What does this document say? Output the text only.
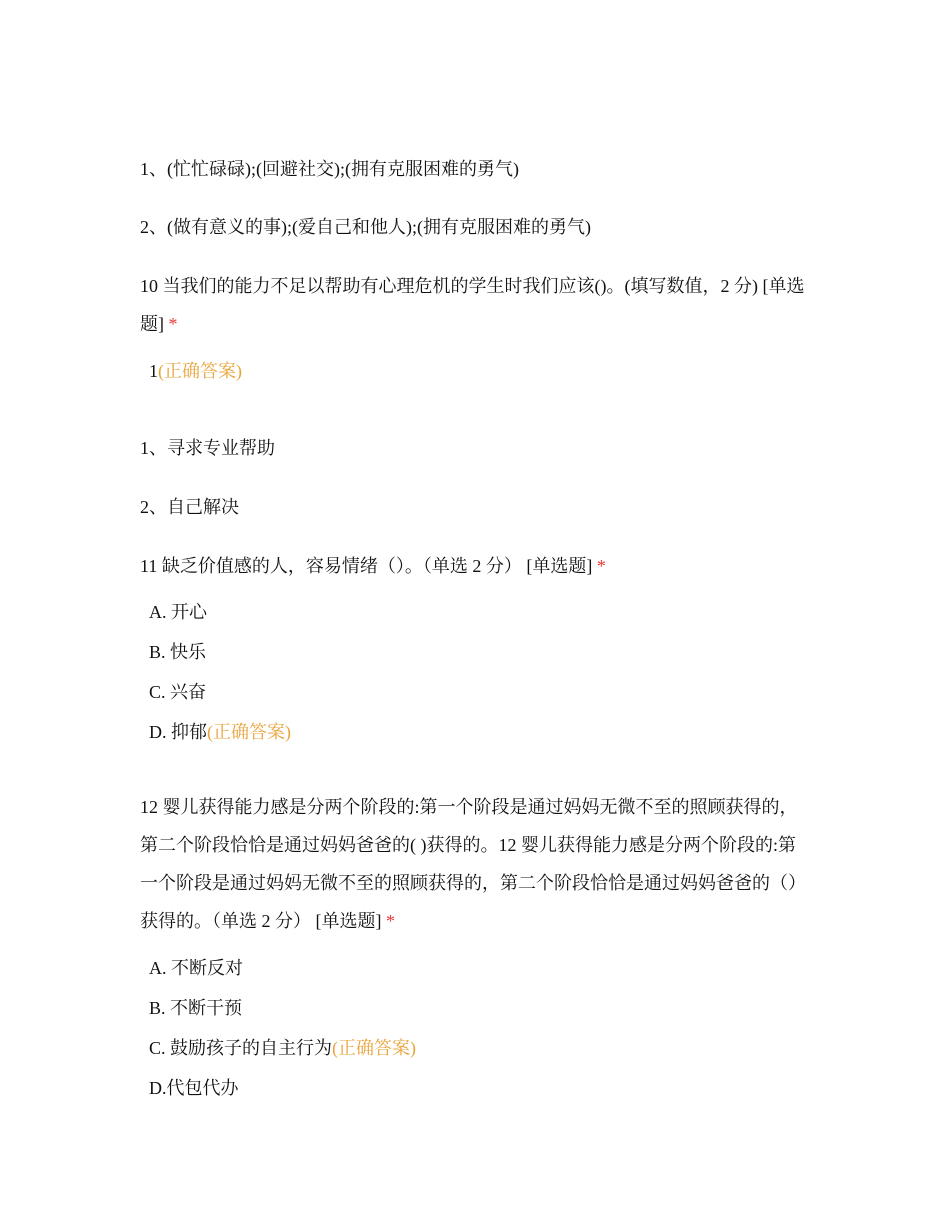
1、(忙忙碌碌);(回避社交);(拥有克服困难的勇气)
2、(做有意义的事);(爱自己和他人);(拥有克服困难的勇气)
10 当我们的能力不足以帮助有心理危机的学生时我们应该()。(填写数值，2 分) [单选题] *
1(正确答案)
1、寻求专业帮助
2、自己解决
11 缺乏价值感的人，容易情绪（）。（单选 2 分） [单选题] *
A. 开心
B. 快乐
C. 兴奋
D. 抑郁(正确答案)
12 婴儿获得能力感是分两个阶段的:第一个阶段是通过妈妈无微不至的照顾获得的，第二个阶段恰恰是通过妈妈爸爸的( )获得的。12 婴儿获得能力感是分两个阶段的:第一个阶段是通过妈妈无微不至的照顾获得的，第二个阶段恰恰是通过妈妈爸爸的（）获得的。（单选 2 分） [单选题] *
A. 不断反对
B. 不断干预
C. 鼓励孩子的自主行为(正确答案)
D.代包代办
